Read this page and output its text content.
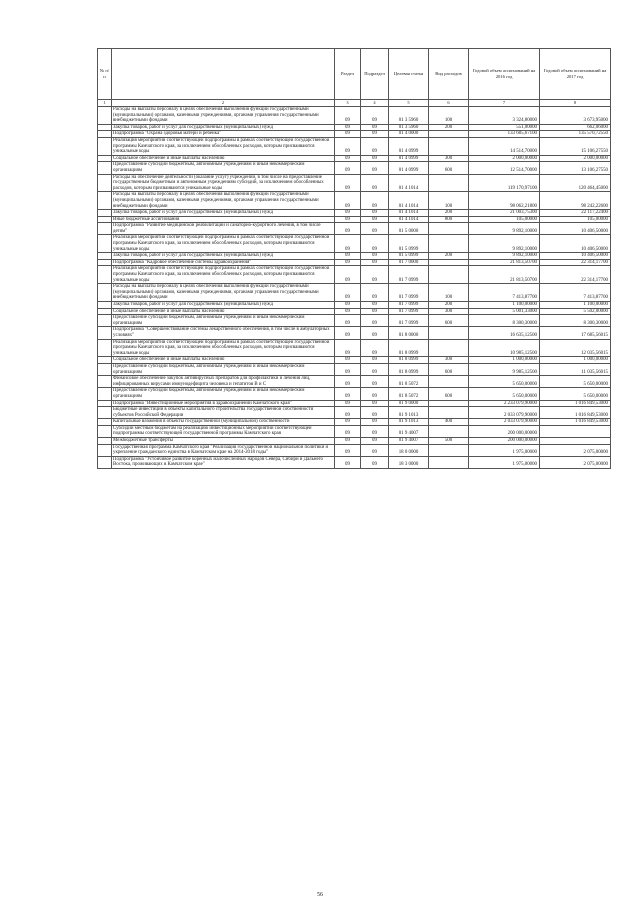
№ п/п		Раздел	Подраздел	Целевая статья	Вид расходов	Годовой объем ассигнований на 2016 год	Годовой объем ассигнований на 2017 год
1	2	3	4	5	6	7	8
	Расходы на выплаты персоналу в целях обеспечения выполнения функций государственными (муниципальными) органами, казенными учреждениями, органами управления государственными внебюджетными фондами	09	09	01 3 5960	100	3 324,80000	3 673,95000
	Закупка товаров, работ и услуг для государственных (муниципальных) нужд	09	09	01 3 5960	200	551,00000	662,06000
	Подпрограмма "Охрана здоровья матери и ребенка"	09	09	01 4 0000		133 685,67100	135 570,72550
	Реализация мероприятий соответствующей подпрограммы в рамках соответствующей государственной программы Камчатского края, за исключением обособленных расходов, которым присваиваются уникальные коды	09	09	01 4 0999		14 514,70000	15 106,27550
	Социальное обеспечение и иные выплаты населению	09	09	01 4 0999	300	2 000,00000	2 000,00000
	Предоставление субсидий бюджетным, автономным учреждениям и иным некоммерческим организациям	09	09	01 4 0999	600	12 514,70000	13 106,27550
	Расходы на обеспечение деятельности (оказание услуг) учреждений, в том числе на предоставление государственным бюджетным и автономным учреждениям субсидий, за исключением обособленных расходов, которым присваиваются уникальные коды	09	09	01 4 1014		119 170,97100	120 464,45000
	Расходы на выплаты персоналу в целях обеспечения выполнения функций государственными (муниципальными) органами, казенными учреждениями, органами управления государственными внебюджетными фондами	09	09	01 4 1014	100	98 062,21800	98 242,22600
	Закупка товаров, работ и услуг для государственных (муниципальных) нужд	09	09	01 4 1014	200	21 003,75300	22 117,22400
	Иные бюджетные ассигнования	09	09	01 4 1014	800	105,00000	105,00000
	Подпрограмма "Развитие медицинской реабилитации и санаторно-курортного лечения, в том числе детям"	09	09	01 5 0000		9 892,10000	10 406,50000
	Реализация мероприятий соответствующей подпрограммы в рамках соответствующей государственной программы Камчатского края, за исключением обособленных расходов, которым присваиваются уникальные коды	09	09	01 5 0999		9 892,10000	10 406,50000
	Закупка товаров, работ и услуг для государственных (муниципальных) нужд	09	09	01 5 0999	200	9 892,10000	10 406,50000
	Подпрограмма "Кадровое обеспечение системы здравоохранения"	09	09	01 7 0000		21 813,50700	22 314,17700
	Реализация мероприятий соответствующей подпрограммы в рамках соответствующей государственной программы Камчатского края, за исключением обособленных расходов, которым присваиваются уникальные коды	09	09	01 7 0999		21 813,50700	22 314,17700
	Расходы на выплаты персоналу в целях обеспечения выполнения функций государственными (муниципальными) органами, казенными учреждениями, органами управления государственными внебюджетными фондами	09	09	01 7 0999	100	7 413,87700	7 413,87700
	Закупка товаров, работ и услуг для государственных (муниципальных) нужд	09	09	01 7 0999	200	1 100,00000	1 100,00000
	Социальное обеспечение и иные выплаты населению	09	09	01 7 0999	300	5 001,33000	5 502,00000
	Предоставление субсидий бюджетным, автономным учреждениям и иным некоммерческим организациям	09	09	01 7 0999	600	8 300,30000	8 300,30000
	Подпрограмма "Совершенствование системы лекарственного обеспечения, в том числе в амбулаторных условиях"	09	09	01 8 0000		16 635,12500	17 685,56015
	Реализация мероприятий соответствующей подпрограммы в рамках соответствующей государственной программы Камчатского края, за исключением обособленных расходов, которым присваиваются уникальные коды	09	09	01 8 0999		10 985,12500	12 035,56015
	Социальное обеспечение и иные выплаты населению	09	09	01 8 0999	300	1 000,00000	1 000,00000
	Предоставление субсидий бюджетным, автономным учреждениям и иным некоммерческим организациям	09	09	01 8 0999	600	9 985,12500	11 035,56015
	Финансовое обеспечение закупок антивирусных препаратов для профилактики и лечения лиц, инфицированных вирусами иммунодефицита человека и гепатитов В и С	09	09	01 8 5072		5 650,00000	5 650,00000
	Предоставление субсидий бюджетным, автономным учреждениям и иным некоммерческим организациям	09	09	01 8 5072	600	5 650,00000	5 650,00000
	Подпрограмма "Инвестиционные мероприятия в здравоохранении Камчатского края"	09	09	01 9 0000		2 233 079,90000	1 016 849,53000
	Бюджетные инвестиции в объекты капитального строительства государственной собственности субъектов Российской Федерации	09	09	01 9 1013		2 033 079,90000	1 016 849,53000
	Капитальные вложения в объекты государственной (муниципальной) собственности	09	09	01 9 1013	400	2 033 079,90000	1 016 849,53000
	Субсидии местным бюджетам на реализацию инвестиционных мероприятий соответствующей подпрограммы соответствующей государственной программы Камчатского края	09	09	01 9 4007		200 000,00000	
	Межбюджетные трансферты	09	09	01 9 4007	500	200 000,00000	
	Государственная программа Камчатского края "Реализация государственной национальной политики и укрепление гражданского единства в Камчатском крае на 2014-2018 годы"	09	09	18 0 0000		1 975,00000	2 075,00000
	Подпрограмма "Устойчивое развитие коренных малочисленных народов Севера, Сибири и Дальнего Востока, проживающих в Камчатском крае"	09	09	18 3 0000		1 975,00000	2 075,00000
56
